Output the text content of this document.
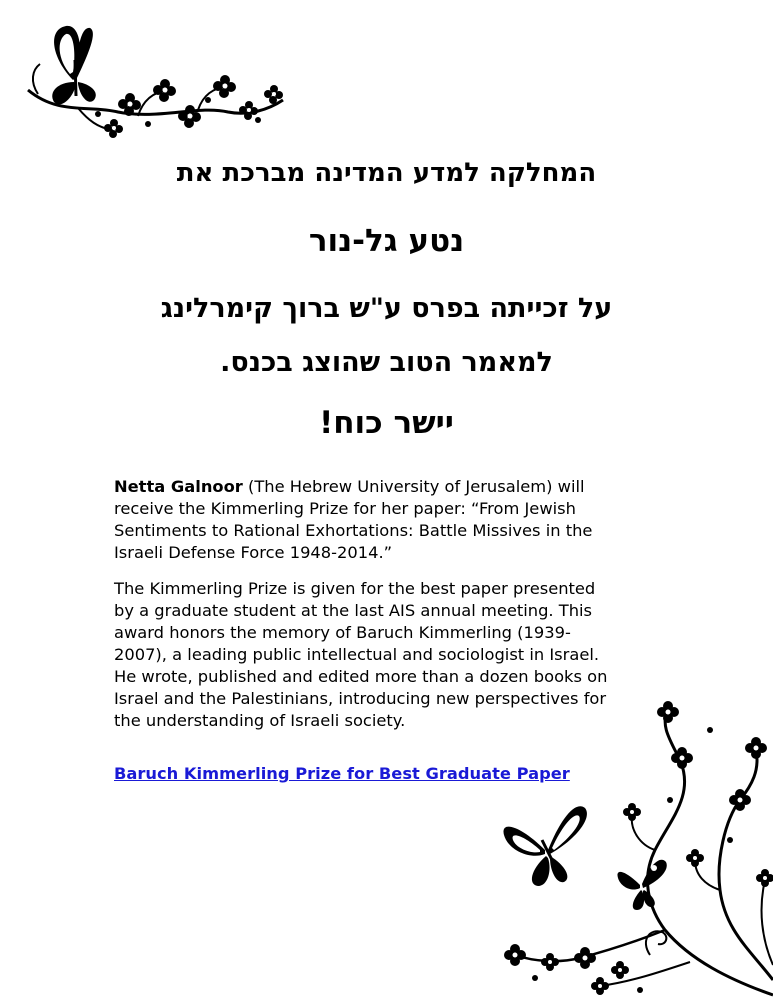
המחלקה למדע המדינה מברכת את
נטע גל-נור
על זכייתה בפרס ע"ש ברוך קימרלינג
למאמר הטוב שהוצג בכנס.
יישר כוח!

Netta Galnoor (The Hebrew University of Jerusalem) will
receive the Kimmerling Prize for her paper: “From Jewish
Sentiments to Rational Exhortations: Battle Missives in the
Israeli Defense Force 1948-2014.”

The Kimmerling Prize is given for the best paper presented
by a graduate student at the last AIS annual meeting. This
award honors the memory of Baruch Kimmerling (1939-
2007), a leading public intellectual and sociologist in Israel.
He wrote, published and edited more than a dozen books on
Israel and the Palestinians, introducing new perspectives for
the understanding of Israeli society.

Baruch Kimmerling Prize for Best Graduate Paper
